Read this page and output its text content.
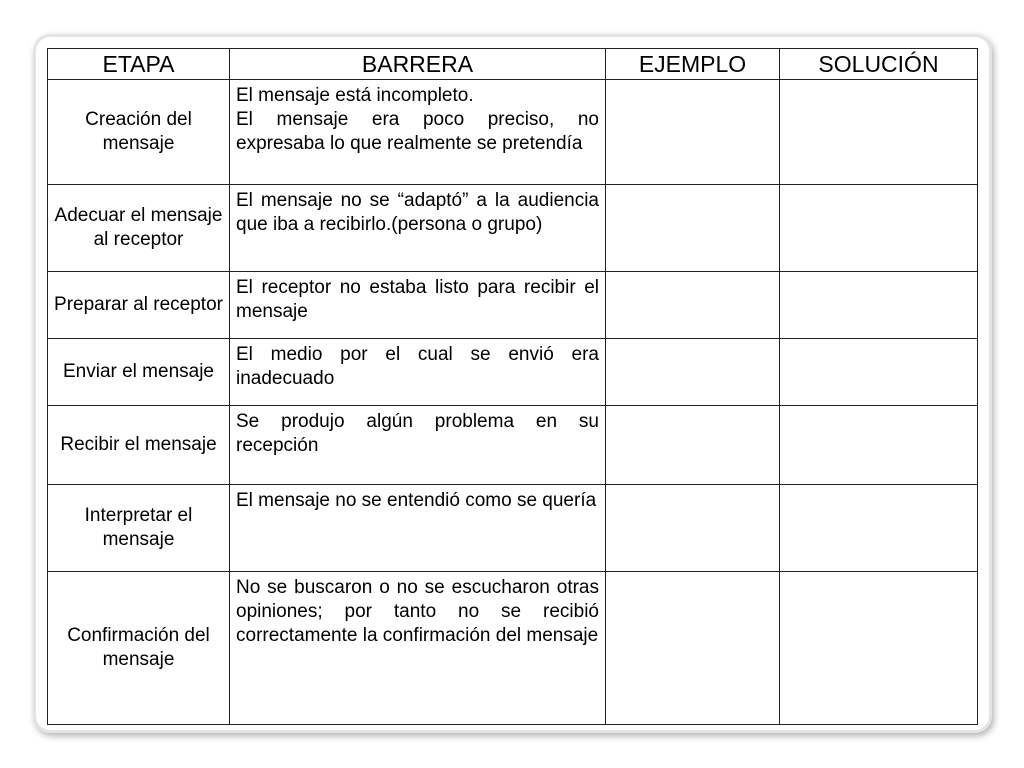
ETAPA	BARRERA	EJEMPLO	SOLUCIÓN
Creación del mensaje	El mensaje está incompleto.
El mensaje era poco preciso, no expresaba lo que realmente se pretendía		

Adecuar el mensaje al receptor	El mensaje no se “adaptó” a la audiencia que iba a recibirlo.(persona o grupo)		

Preparar al receptor	El receptor no estaba listo para recibir el mensaje		

Enviar el mensaje	El medio por el cual se envió era inadecuado		

Recibir el mensaje	Se produjo algún problema en su recepción		

Interpretar el mensaje	El mensaje no se entendió como se quería		

Confirmación del mensaje	No se buscaron o no se escucharon otras opiniones; por tanto no se recibió correctamente la confirmación del mensaje		
